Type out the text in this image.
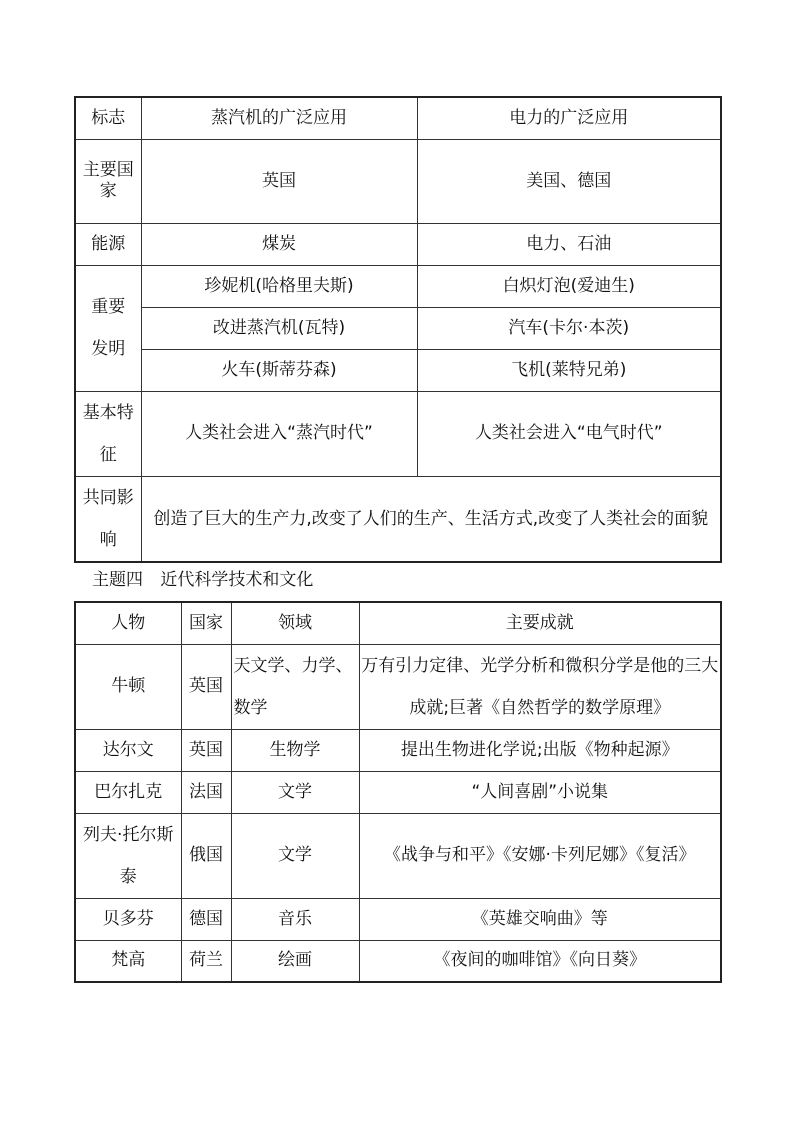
标志	蒸汽机的广泛应用	电力的广泛应用
主要国家	英国	美国、德国
能源	煤炭	电力、石油
重要发明	珍妮机(哈格里夫斯)	白炽灯泡(爱迪生)
	改进蒸汽机(瓦特)	汽车(卡尔·本茨)
	火车(斯蒂芬森)	飞机(莱特兄弟)
基本特征	人类社会进入“蒸汽时代”	人类社会进入“电气时代”
共同影响	创造了巨大的生产力,改变了人们的生产、生活方式,改变了人类社会的面貌	
主题四 近代科学技术和文化
人物	国家	领域	主要成就
牛顿	英国	天文学、力学、数学	万有引力定律、光学分析和微积分学是他的三大成就;巨著《自然哲学的数学原理》
达尔文	英国	生物学	提出生物进化学说;出版《物种起源》
巴尔扎克	法国	文学	“人间喜剧”小说集
列夫·托尔斯泰	俄国	文学	《战争与和平》《安娜·卡列尼娜》《复活》
贝多芬	德国	音乐	《英雄交响曲》等
梵高	荷兰	绘画	《夜间的咖啡馆》《向日葵》
